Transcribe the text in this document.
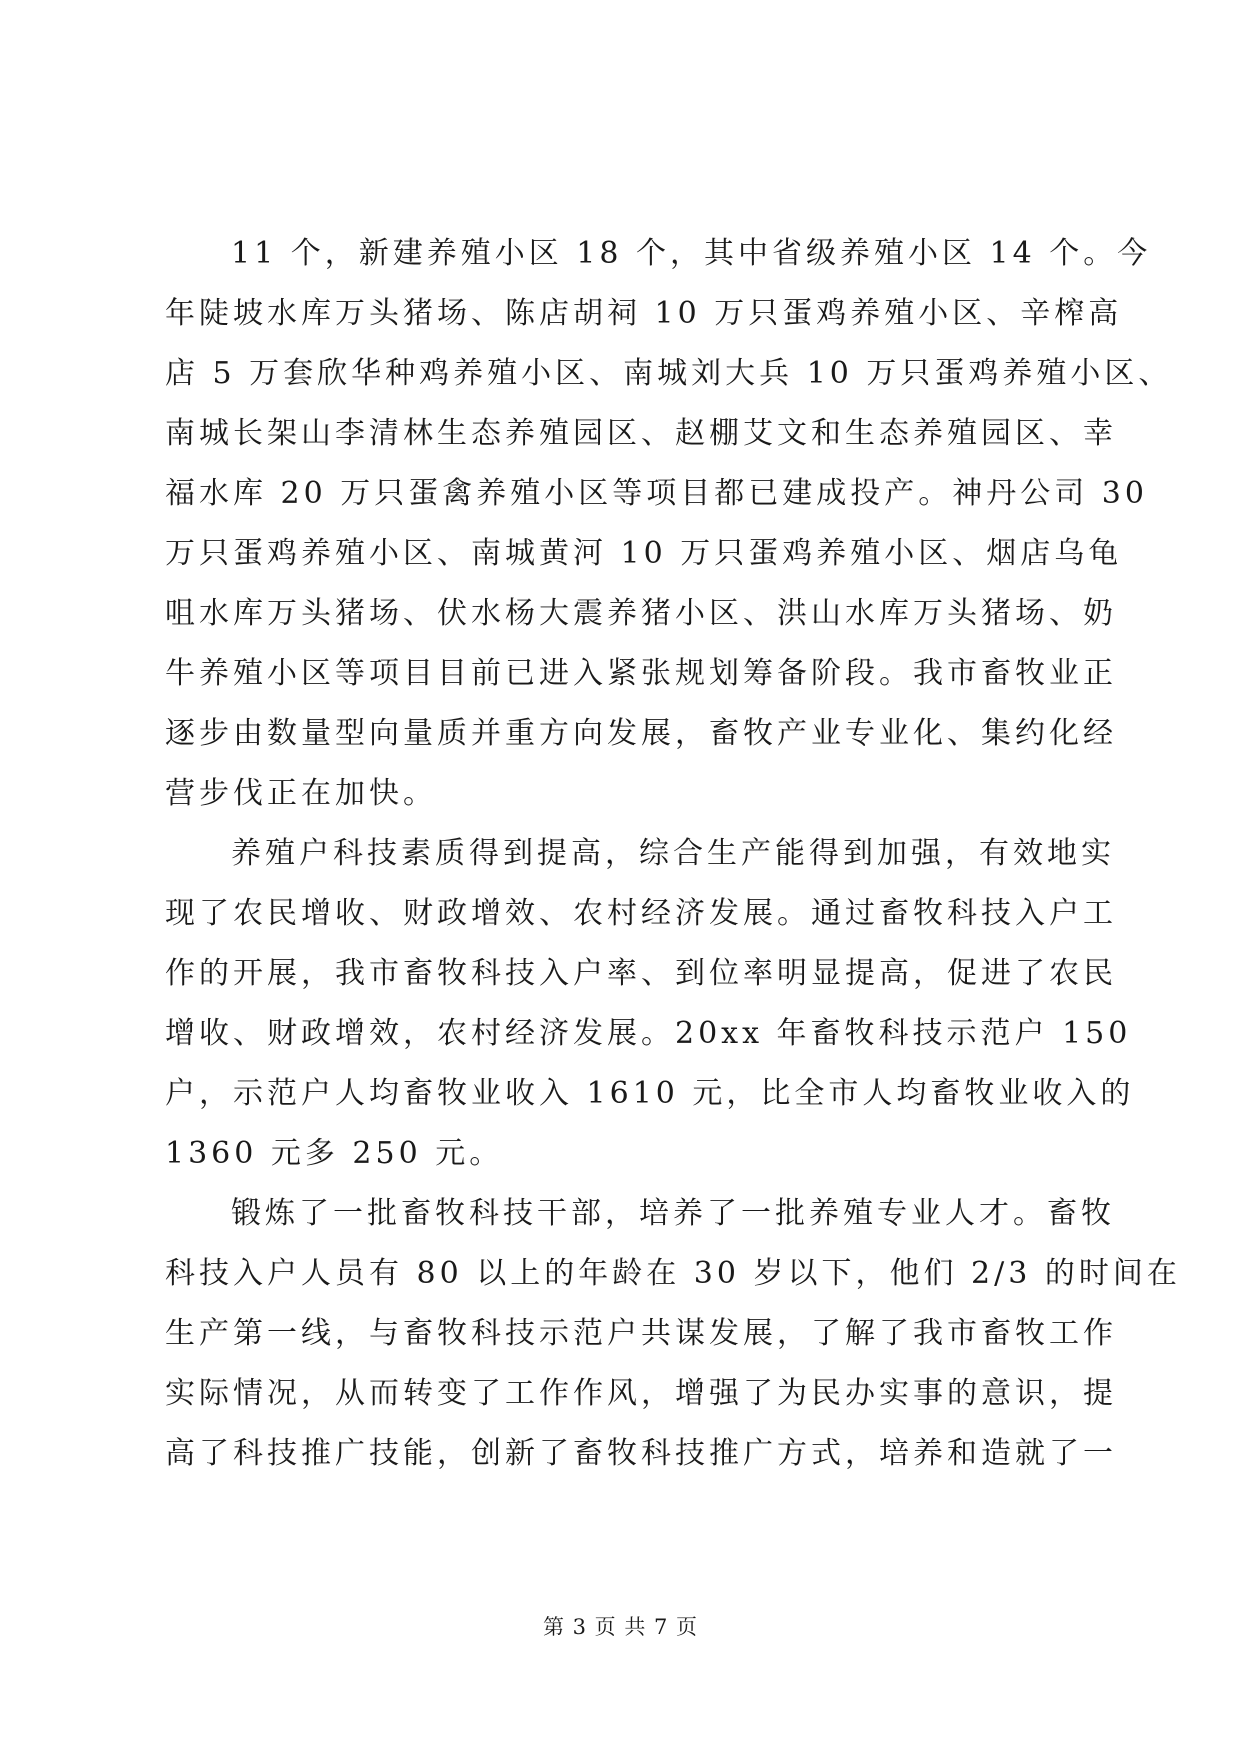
11 个，新建养殖小区 18 个，其中省级养殖小区 14 个。今
年陡坡水库万头猪场、陈店胡祠 10 万只蛋鸡养殖小区、辛榨高
店 5 万套欣华种鸡养殖小区、南城刘大兵 10 万只蛋鸡养殖小区、
南城长架山李清林生态养殖园区、赵棚艾文和生态养殖园区、幸
福水库 20 万只蛋禽养殖小区等项目都已建成投产。神丹公司 30
万只蛋鸡养殖小区、南城黄河 10 万只蛋鸡养殖小区、烟店乌龟
咀水库万头猪场、伏水杨大震养猪小区、洪山水库万头猪场、奶
牛养殖小区等项目目前已进入紧张规划筹备阶段。我市畜牧业正
逐步由数量型向量质并重方向发展，畜牧产业专业化、集约化经
营步伐正在加快。
养殖户科技素质得到提高，综合生产能得到加强，有效地实
现了农民增收、财政增效、农村经济发展。通过畜牧科技入户工
作的开展，我市畜牧科技入户率、到位率明显提高，促进了农民
增收、财政增效，农村经济发展。20xx 年畜牧科技示范户 150
户，示范户人均畜牧业收入 1610 元，比全市人均畜牧业收入的
1360 元多 250 元。
锻炼了一批畜牧科技干部，培养了一批养殖专业人才。畜牧
科技入户人员有 80 以上的年龄在 30 岁以下，他们 2/3 的时间在
生产第一线，与畜牧科技示范户共谋发展，了解了我市畜牧工作
实际情况，从而转变了工作作风，增强了为民办实事的意识，提
高了科技推广技能，创新了畜牧科技推广方式，培养和造就了一
第 3 页 共 7 页
